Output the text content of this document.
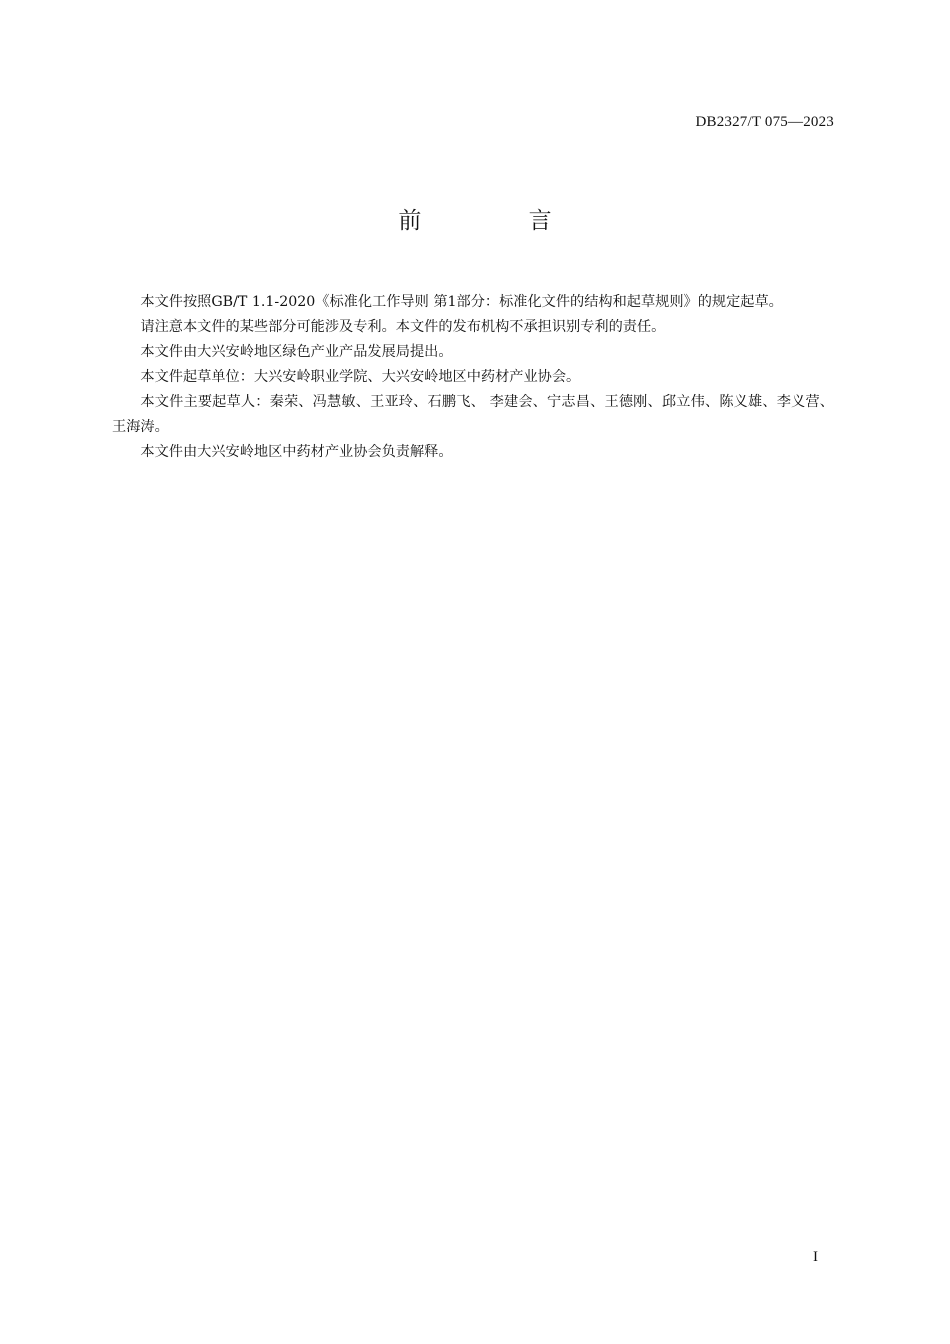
DB2327/T 075—2023
前 言

本文件按照GB/T 1.1-2020《标准化工作导则 第1部分：标准化文件的结构和起草规则》的规定起草。

请注意本文件的某些部分可能涉及专利。本文件的发布机构不承担识别专利的责任。

本文件由大兴安岭地区绿色产业产品发展局提出。

本文件起草单位：大兴安岭职业学院、大兴安岭地区中药材产业协会。

本文件主要起草人：秦荣、冯慧敏、王亚玲、石鹏飞、 李建会、宁志昌、王德刚、邱立伟、陈义雄、李义营、王海涛。

本文件由大兴安岭地区中药材产业协会负责解释。

I
